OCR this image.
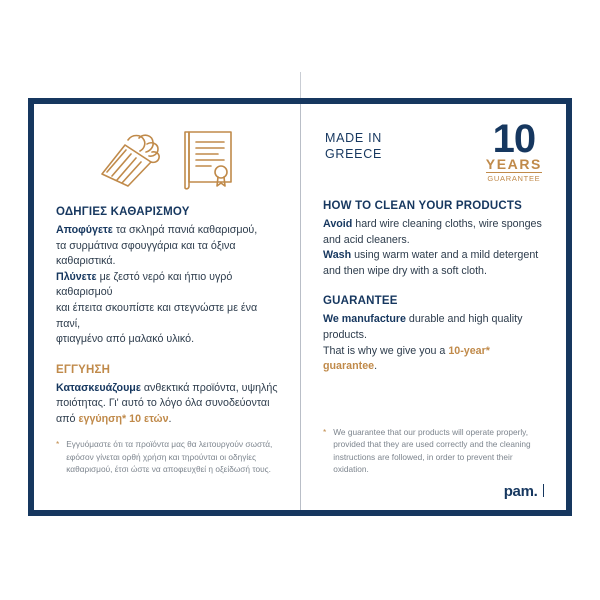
ΟΔΗΓΙΕΣ ΚΑΘΑΡΙΣΜΟΥ

Αποφύγετε τα σκληρά πανιά καθαρισμού,
τα συρμάτινα σφουγγάρια και τα όξινα καθαριστικά.
Πλύνετε με ζεστό νερό και ήπιο υγρό καθαρισμού
και έπειτα σκουπίστε και στεγνώστε με ένα πανί,
φτιαγμένο από μαλακό υλικό.

ΕΓΓΥΗΣΗ

Κατασκευάζουμε ανθεκτικά προϊόντα, υψηλής
ποιότητας. Γι' αυτό το λόγο όλα συνοδεύονται
από εγγύηση* 10 ετών.

* Εγγυόμαστε ότι τα προϊόντα μας θα λειτουργούν σωστά, εφόσον γίνεται ορθή χρήση και τηρούνται οι οδηγίες καθαρισμού, έτσι ώστε να αποφευχθεί η οξείδωσή τους.
MADE IN
GREECE	10
YEARS
GUARANTEE
HOW TO CLEAN YOUR PRODUCTS

Avoid hard wire cleaning cloths, wire sponges
and acid cleaners.
Wash using warm water and a mild detergent
and then wipe dry with a soft cloth.

GUARANTEE

We manufacture durable and high quality products.
That is why we give you a 10-year* guarantee.

* We guarantee that our products will operate properly, provided that they are used correctly and the cleaning instructions are followed, in order to prevent their oxidation.
pam.
